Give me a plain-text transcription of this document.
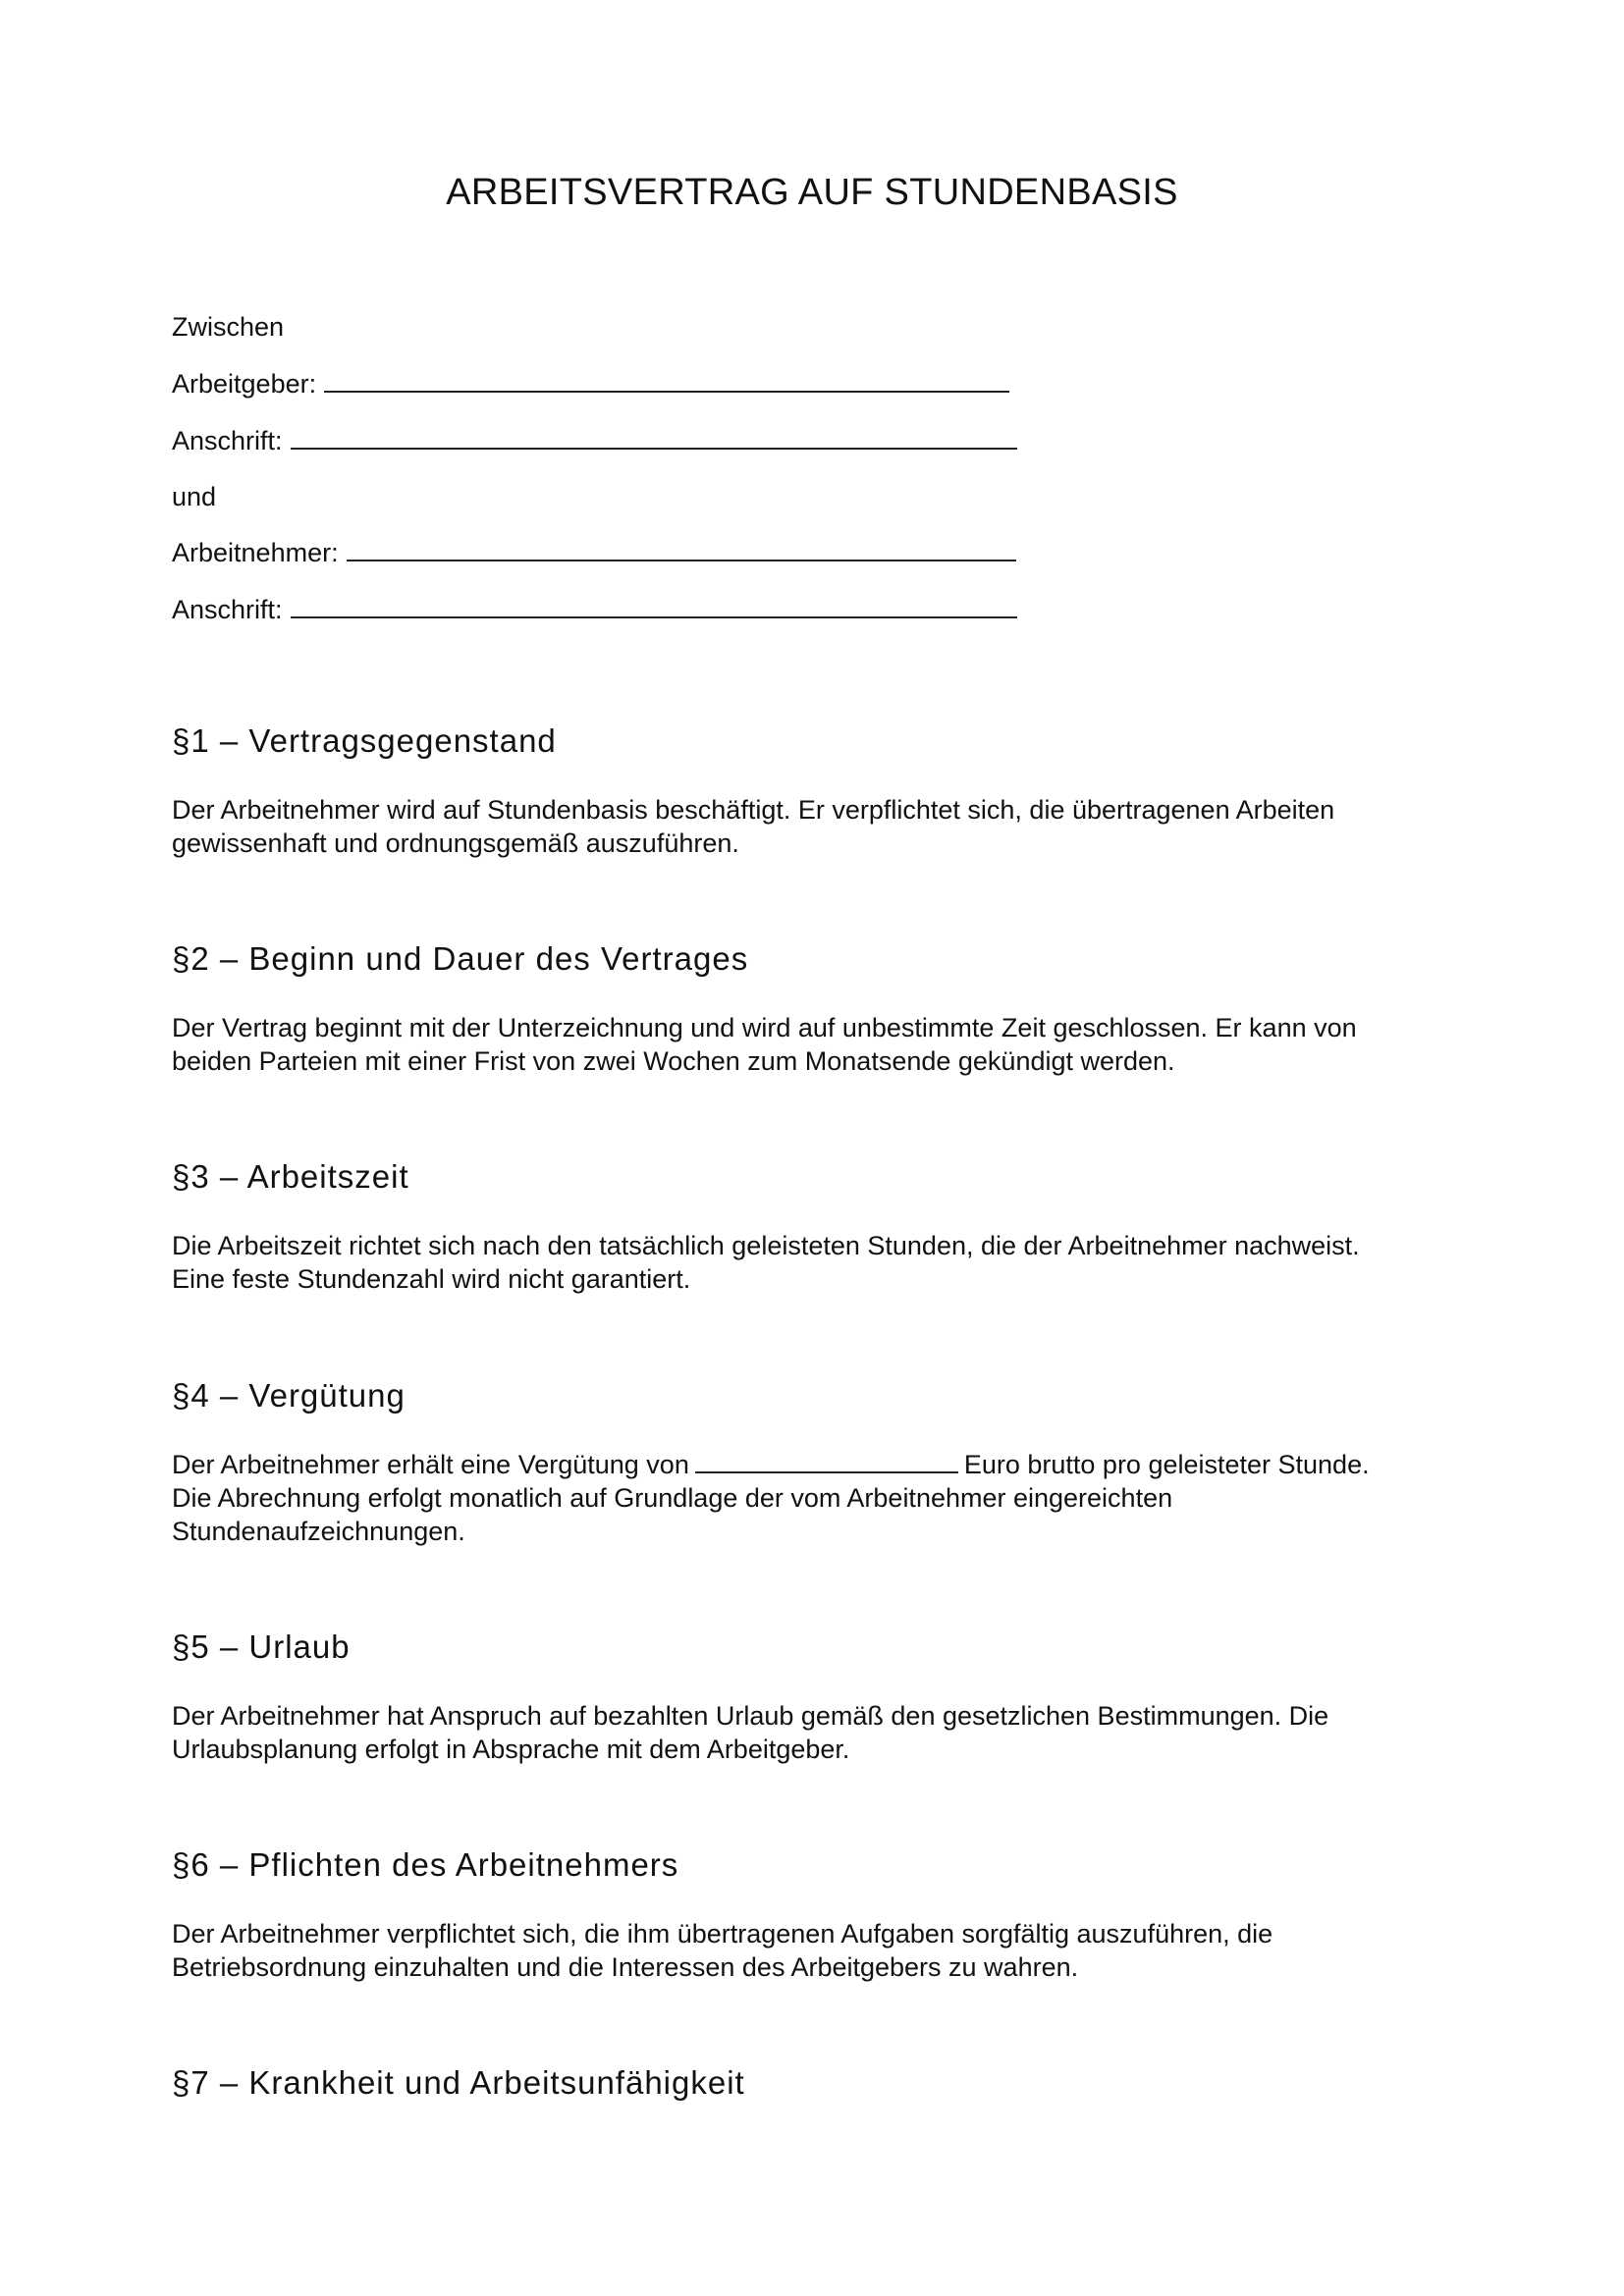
ARBEITSVERTRAG AUF STUNDENBASIS
Zwischen
Arbeitgeber:
Anschrift:
und
Arbeitnehmer:
Anschrift:
§1 – Vertragsgegenstand
Der Arbeitnehmer wird auf Stundenbasis beschäftigt. Er verpflichtet sich, die übertragenen Arbeiten
gewissenhaft und ordnungsgemäß auszuführen.
§2 – Beginn und Dauer des Vertrages
Der Vertrag beginnt mit der Unterzeichnung und wird auf unbestimmte Zeit geschlossen. Er kann von
beiden Parteien mit einer Frist von zwei Wochen zum Monatsende gekündigt werden.
§3 – Arbeitszeit
Die Arbeitszeit richtet sich nach den tatsächlich geleisteten Stunden, die der Arbeitnehmer nachweist.
Eine feste Stundenzahl wird nicht garantiert.
§4 – Vergütung
Der Arbeitnehmer erhält eine Vergütung von	Euro brutto pro geleisteter Stunde.
Die Abrechnung erfolgt monatlich auf Grundlage der vom Arbeitnehmer eingereichten
Stundenaufzeichnungen.
§5 – Urlaub
Der Arbeitnehmer hat Anspruch auf bezahlten Urlaub gemäß den gesetzlichen Bestimmungen. Die
Urlaubsplanung erfolgt in Absprache mit dem Arbeitgeber.
§6 – Pflichten des Arbeitnehmers
Der Arbeitnehmer verpflichtet sich, die ihm übertragenen Aufgaben sorgfältig auszuführen, die
Betriebsordnung einzuhalten und die Interessen des Arbeitgebers zu wahren.
§7 – Krankheit und Arbeitsunfähigkeit
